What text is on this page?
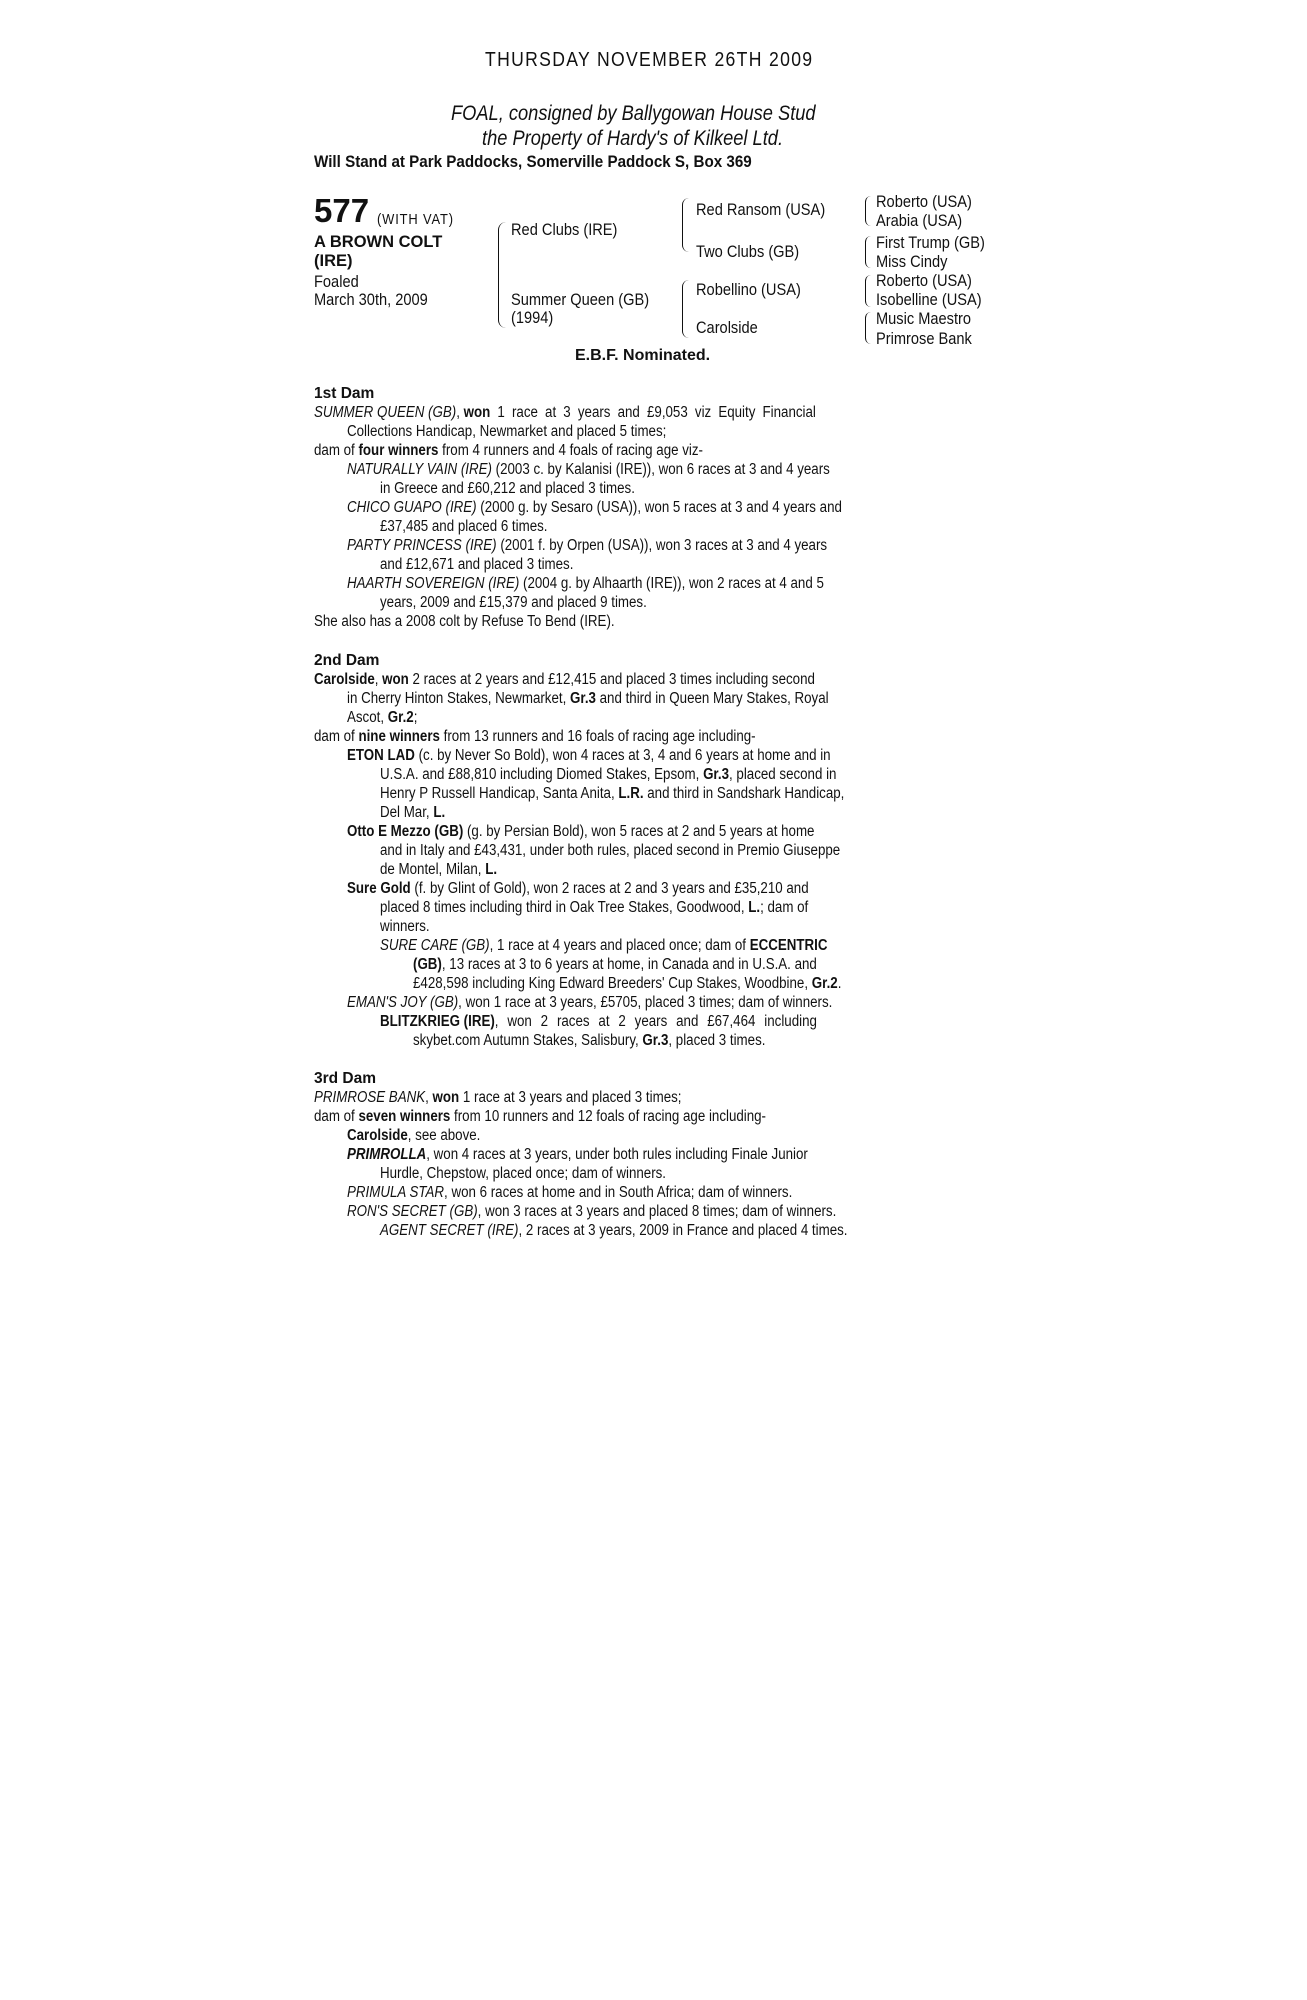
THURSDAY NOVEMBER 26TH 2009
FOAL, consigned by Ballygowan House Stud
the Property of Hardy's of Kilkeel Ltd.
Will Stand at Park Paddocks, Somerville Paddock S, Box 369
577 (WITH VAT)
A BROWN COLT
(IRE)
Foaled
March 30th, 2009
Red Clubs (IRE)
Summer Queen (GB)
(1994)
Red Ransom (USA)
Two Clubs (GB)
Robellino (USA)
Carolside
Roberto (USA)
Arabia (USA)
First Trump (GB)
Miss Cindy
Roberto (USA)
Isobelline (USA)
Music Maestro
Primrose Bank
E.B.F. Nominated.
1st Dam
SUMMER QUEEN (GB), won 1 race at 3 years and £9,053 viz Equity Financial
Collections Handicap, Newmarket and placed 5 times;
dam of four winners from 4 runners and 4 foals of racing age viz-
NATURALLY VAIN (IRE) (2003 c. by Kalanisi (IRE)), won 6 races at 3 and 4 years
in Greece and £60,212 and placed 3 times.
CHICO GUAPO (IRE) (2000 g. by Sesaro (USA)), won 5 races at 3 and 4 years and
£37,485 and placed 6 times.
PARTY PRINCESS (IRE) (2001 f. by Orpen (USA)), won 3 races at 3 and 4 years
and £12,671 and placed 3 times.
HAARTH SOVEREIGN (IRE) (2004 g. by Alhaarth (IRE)), won 2 races at 4 and 5
years, 2009 and £15,379 and placed 9 times.
She also has a 2008 colt by Refuse To Bend (IRE).
2nd Dam
Carolside, won 2 races at 2 years and £12,415 and placed 3 times including second
in Cherry Hinton Stakes, Newmarket, Gr.3 and third in Queen Mary Stakes, Royal
Ascot, Gr.2;
dam of nine winners from 13 runners and 16 foals of racing age including-
ETON LAD (c. by Never So Bold), won 4 races at 3, 4 and 6 years at home and in
U.S.A. and £88,810 including Diomed Stakes, Epsom, Gr.3, placed second in
Henry P Russell Handicap, Santa Anita, L.R. and third in Sandshark Handicap,
Del Mar, L.
Otto E Mezzo (GB) (g. by Persian Bold), won 5 races at 2 and 5 years at home
and in Italy and £43,431, under both rules, placed second in Premio Giuseppe
de Montel, Milan, L.
Sure Gold (f. by Glint of Gold), won 2 races at 2 and 3 years and £35,210 and
placed 8 times including third in Oak Tree Stakes, Goodwood, L.; dam of
winners.
SURE CARE (GB), 1 race at 4 years and placed once; dam of ECCENTRIC
(GB), 13 races at 3 to 6 years at home, in Canada and in U.S.A. and
£428,598 including King Edward Breeders' Cup Stakes, Woodbine, Gr.2.
EMAN'S JOY (GB), won 1 race at 3 years, £5705, placed 3 times; dam of winners.
BLITZKRIEG (IRE), won 2 races at 2 years and £67,464 including
skybet.com Autumn Stakes, Salisbury, Gr.3, placed 3 times.
3rd Dam
PRIMROSE BANK, won 1 race at 3 years and placed 3 times;
dam of seven winners from 10 runners and 12 foals of racing age including-
Carolside, see above.
PRIMROLLA, won 4 races at 3 years, under both rules including Finale Junior
Hurdle, Chepstow, placed once; dam of winners.
PRIMULA STAR, won 6 races at home and in South Africa; dam of winners.
RON'S SECRET (GB), won 3 races at 3 years and placed 8 times; dam of winners.
AGENT SECRET (IRE), 2 races at 3 years, 2009 in France and placed 4 times.
